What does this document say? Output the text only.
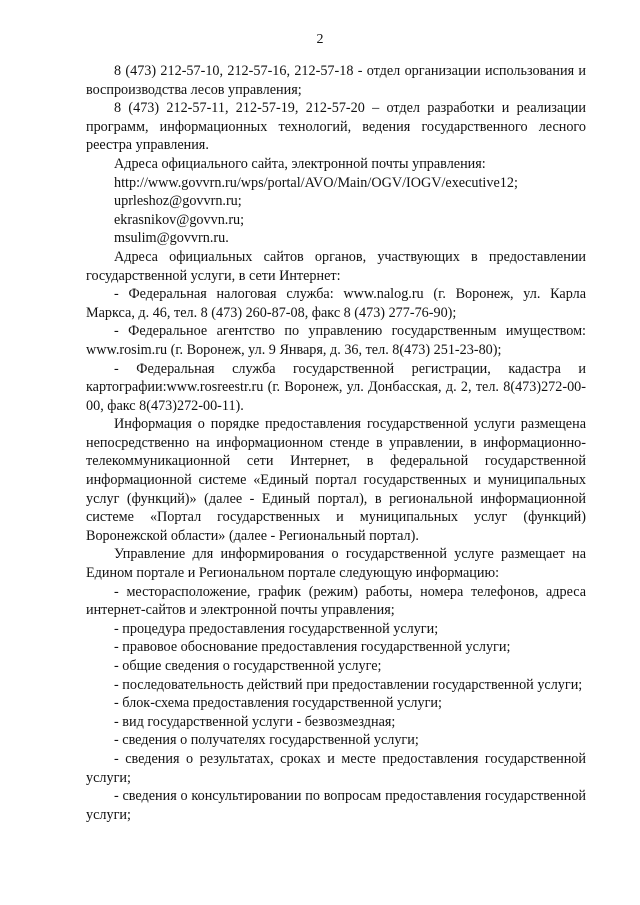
2

8 (473) 212-57-10, 212-57-16, 212-57-18 - отдел организации использования и воспроизводства лесов управления;

8 (473) 212-57-11, 212-57-19, 212-57-20 – отдел разработки и реализации программ, информационных технологий, ведения государственного лесного реестра управления.

Адреса официального сайта, электронной почты управления:

http://www.govvrn.ru/wps/portal/AVO/Main/OGV/IOGV/executive12;

uprleshoz@govvrn.ru;

ekrasnikov@govvn.ru;

msulim@govvrn.ru.

Адреса официальных сайтов органов, участвующих в предоставлении государственной услуги, в сети Интернет:

- Федеральная налоговая служба: www.nalog.ru (г. Воронеж, ул. Карла Маркса, д. 46, тел. 8 (473) 260-87-08, факс 8 (473) 277-76-90);

- Федеральное агентство по управлению государственным имуществом: www.rosim.ru (г. Воронеж, ул. 9 Января, д. 36, тел. 8(473) 251-23-80);

- Федеральная служба государственной регистрации, кадастра и картографии:www.rosreestr.ru (г. Воронеж, ул. Донбасская, д. 2, тел. 8(473)272-00-00, факс 8(473)272-00-11).

Информация о порядке предоставления государственной услуги размещена непосредственно на информационном стенде в управлении, в информационно-телекоммуникационной сети Интернет, в федеральной государственной информационной системе «Единый портал государственных и муниципальных услуг (функций)» (далее - Единый портал), в региональной информационной системе «Портал государственных и муниципальных услуг (функций) Воронежской области» (далее - Региональный портал).

Управление для информирования о государственной услуге размещает на Едином портале и Региональном портале следующую информацию:

- месторасположение, график (режим) работы, номера телефонов, адреса интернет-сайтов и электронной почты управления;

- процедура предоставления государственной услуги;

- правовое обоснование предоставления государственной услуги;

- общие сведения о государственной услуге;

- последовательность действий при предоставлении государственной услуги;

- блок-схема предоставления государственной услуги;

- вид государственной услуги - безвозмездная;

- сведения о получателях государственной услуги;

- сведения о результатах, сроках и месте предоставления государственной услуги;

- сведения о консультировании по вопросам предоставления государственной услуги;
